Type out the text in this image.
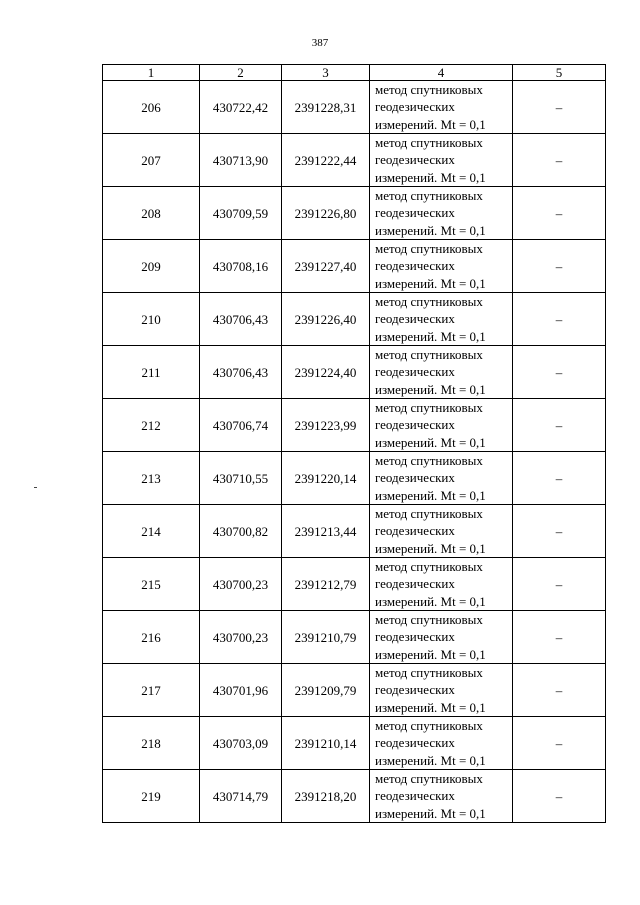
387
1	2	3	4	5
206	430722,42	2391228,31	метод спутниковых
геодезических
измерений. Mt = 0,1	–
207	430713,90	2391222,44	метод спутниковых
геодезических
измерений. Mt = 0,1	–
208	430709,59	2391226,80	метод спутниковых
геодезических
измерений. Mt = 0,1	–
209	430708,16	2391227,40	метод спутниковых
геодезических
измерений. Mt = 0,1	–
210	430706,43	2391226,40	метод спутниковых
геодезических
измерений. Mt = 0,1	–
211	430706,43	2391224,40	метод спутниковых
геодезических
измерений. Mt = 0,1	–
212	430706,74	2391223,99	метод спутниковых
геодезических
измерений. Mt = 0,1	–
213	430710,55	2391220,14	метод спутниковых
геодезических
измерений. Mt = 0,1	–
214	430700,82	2391213,44	метод спутниковых
геодезических
измерений. Mt = 0,1	–
215	430700,23	2391212,79	метод спутниковых
геодезических
измерений. Mt = 0,1	–
216	430700,23	2391210,79	метод спутниковых
геодезических
измерений. Mt = 0,1	–
217	430701,96	2391209,79	метод спутниковых
геодезических
измерений. Mt = 0,1	–
218	430703,09	2391210,14	метод спутниковых
геодезических
измерений. Mt = 0,1	–
219	430714,79	2391218,20	метод спутниковых
геодезических
измерений. Mt = 0,1	–
